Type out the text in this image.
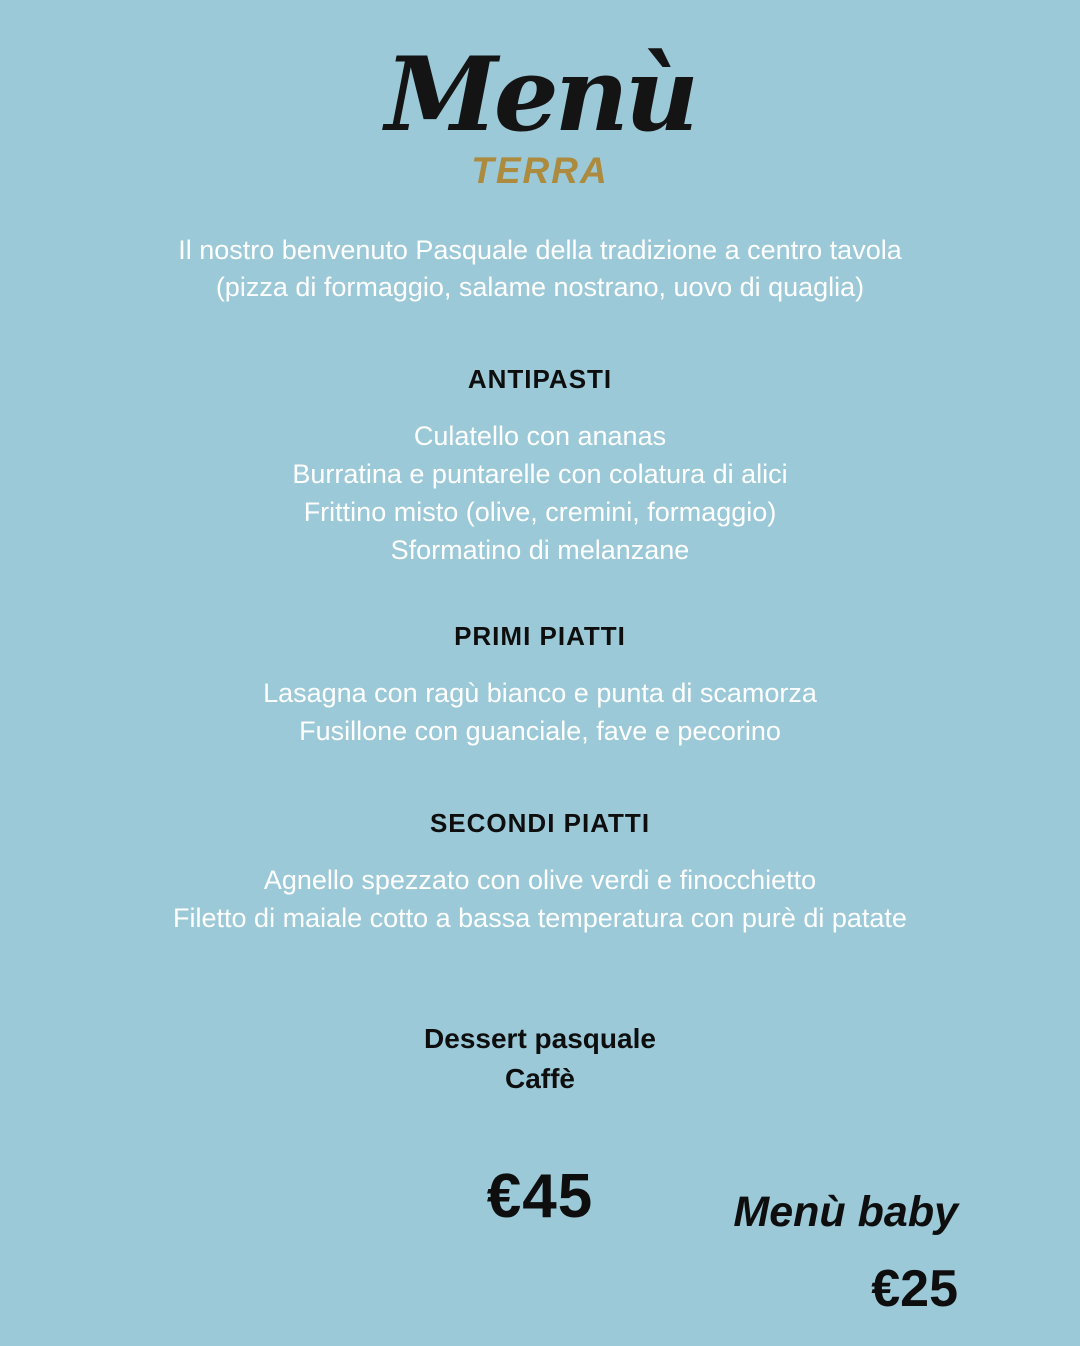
Menù
TERRA
Il nostro benvenuto Pasquale della tradizione a centro tavola
(pizza di formaggio, salame nostrano, uovo di quaglia)
ANTIPASTI
Culatello con ananas
Burratina e puntarelle con colatura di alici
Frittino misto (olive, cremini, formaggio)
Sformatino di melanzane
PRIMI PIATTI
Lasagna con ragù bianco e punta di scamorza
Fusillone con guanciale, fave e pecorino
SECONDI PIATTI
Agnello spezzato con olive verdi e finocchietto
Filetto di maiale cotto a bassa temperatura con purè di patate
Dessert pasquale
Caffè
€45	Menù baby
€25
